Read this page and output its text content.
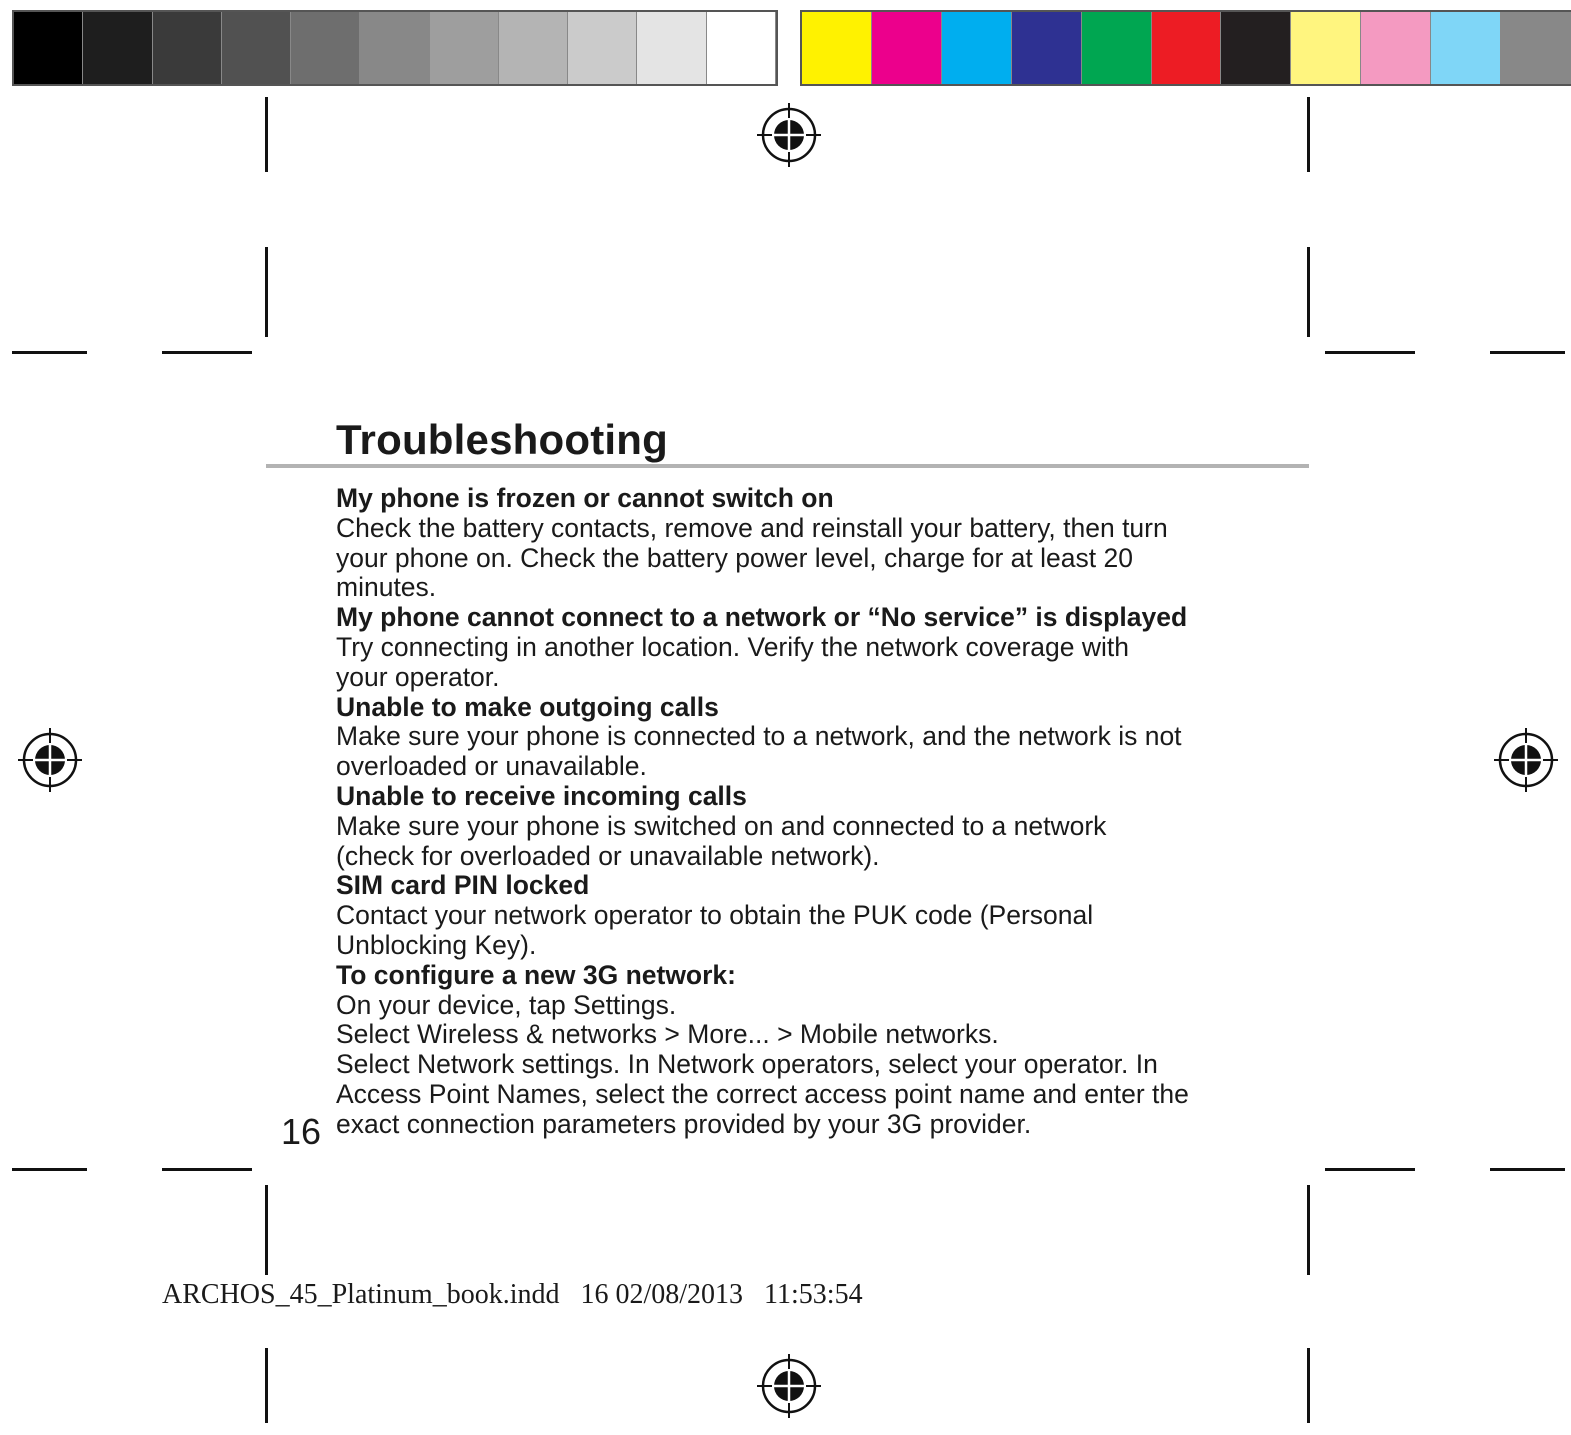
Troubleshooting

My phone is frozen or cannot switch on

Check the battery contacts, remove and reinstall your battery, then turn

your phone on. Check the battery power level, charge for at least 20

minutes.

My phone cannot connect to a network or “No service” is displayed

Try connecting in another location. Verify the network coverage with

your operator.

Unable to make outgoing calls

Make sure your phone is connected to a network, and the network is not

overloaded or unavailable.

Unable to receive incoming calls

Make sure your phone is switched on and connected to a network

(check for overloaded or unavailable network).

SIM card PIN locked

Contact your network operator to obtain the PUK code (Personal

Unblocking Key).

To configure a new 3G network:

On your device, tap Settings.

Select Wireless & networks > More... > Mobile networks.

Select Network settings. In Network operators, select your operator. In

Access Point Names, select the correct access point name and enter the

exact connection parameters provided by your 3G provider.

16
ARCHOS_45_Platinum_book.indd 16 02/08/2013 11:53:54
